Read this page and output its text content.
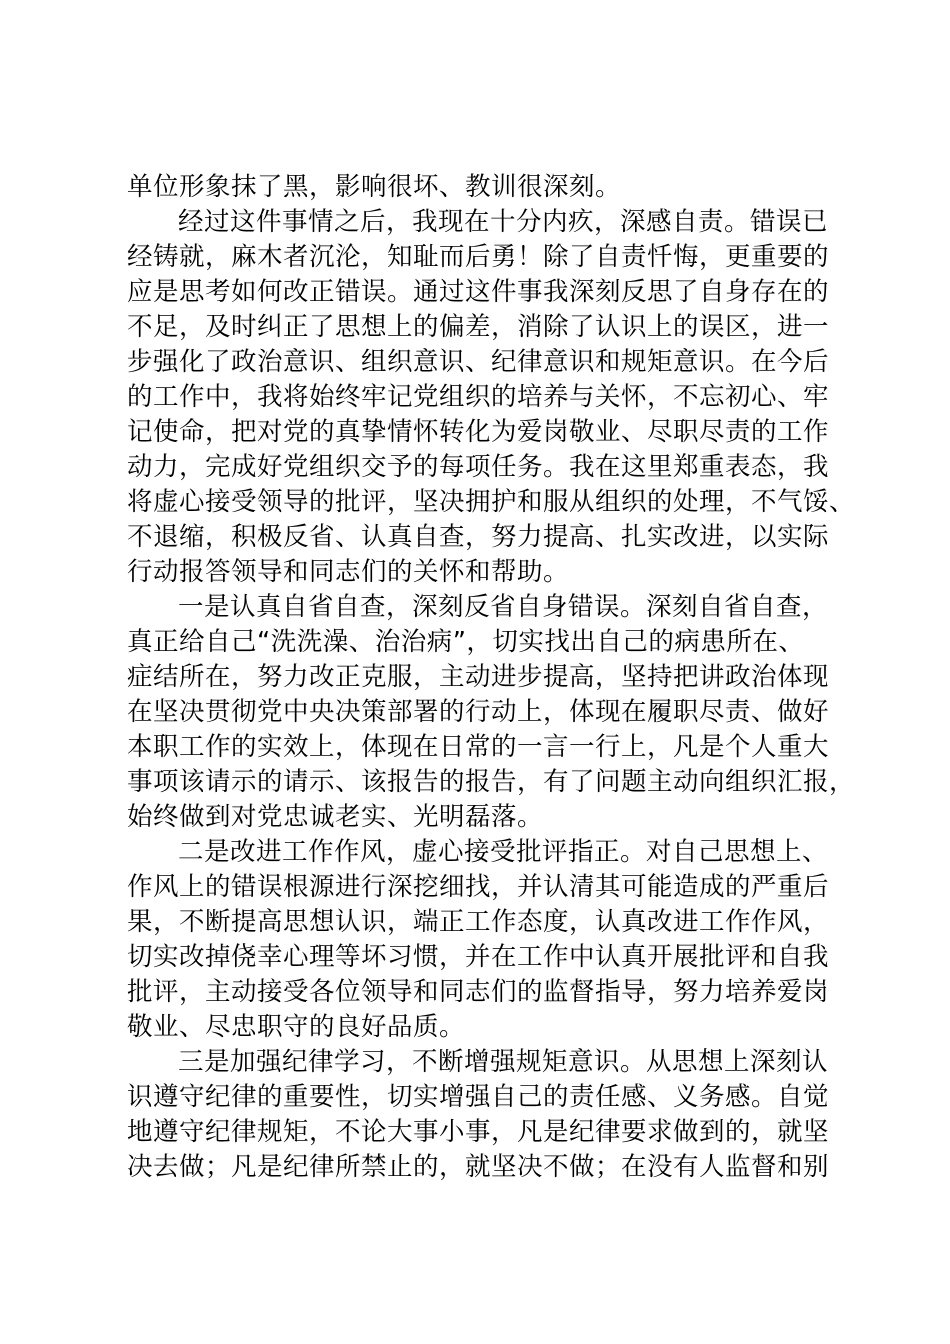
单位形象抹了黑，影响很坏、教训很深刻。
经过这件事情之后，我现在十分内疚，深感自责。错误已
经铸就，麻木者沉沦，知耻而后勇！除了自责忏悔，更重要的
应是思考如何改正错误。通过这件事我深刻反思了自身存在的
不足，及时纠正了思想上的偏差，消除了认识上的误区，进一
步强化了政治意识、组织意识、纪律意识和规矩意识。在今后
的工作中，我将始终牢记党组织的培养与关怀，不忘初心、牢
记使命，把对党的真挚情怀转化为爱岗敬业、尽职尽责的工作
动力，完成好党组织交予的每项任务。我在这里郑重表态，我
将虚心接受领导的批评，坚决拥护和服从组织的处理，不气馁、
不退缩，积极反省、认真自查，努力提高、扎实改进，以实际
行动报答领导和同志们的关怀和帮助。
一是认真自省自查，深刻反省自身错误。深刻自省自查，
真正给自己“洗洗澡、治治病”，切实找出自己的病患所在、
症结所在，努力改正克服，主动进步提高，坚持把讲政治体现
在坚决贯彻党中央决策部署的行动上，体现在履职尽责、做好
本职工作的实效上，体现在日常的一言一行上，凡是个人重大
事项该请示的请示、该报告的报告，有了问题主动向组织汇报，
始终做到对党忠诚老实、光明磊落。
二是改进工作作风，虚心接受批评指正。对自己思想上、
作风上的错误根源进行深挖细找，并认清其可能造成的严重后
果，不断提高思想认识，端正工作态度，认真改进工作作风，
切实改掉侥幸心理等坏习惯，并在工作中认真开展批评和自我
批评，主动接受各位领导和同志们的监督指导，努力培养爱岗
敬业、尽忠职守的良好品质。
三是加强纪律学习，不断增强规矩意识。从思想上深刻认
识遵守纪律的重要性，切实增强自己的责任感、义务感。自觉
地遵守纪律规矩，不论大事小事，凡是纪律要求做到的，就坚
决去做；凡是纪律所禁止的，就坚决不做；在没有人监督和别
